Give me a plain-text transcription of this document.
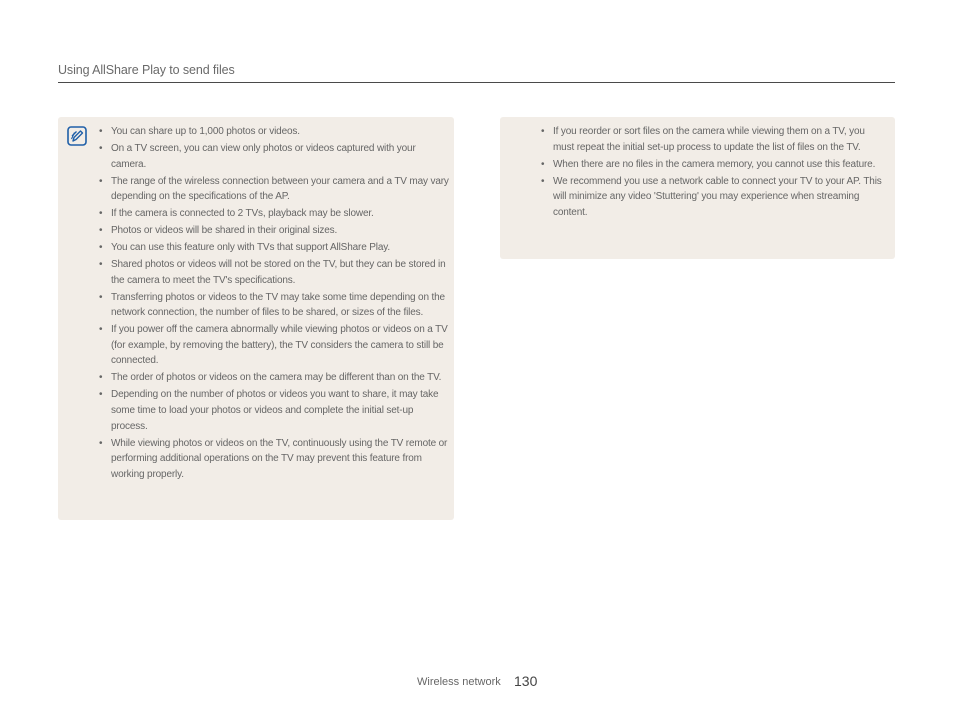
Using AllShare Play to send files
• You can share up to 1,000 photos or videos.
• On a TV screen, you can view only photos or videos captured with your camera.
• The range of the wireless connection between your camera and a TV may vary depending on the specifications of the AP.
• If the camera is connected to 2 TVs, playback may be slower.
• Photos or videos will be shared in their original sizes.
• You can use this feature only with TVs that support AllShare Play.
• Shared photos or videos will not be stored on the TV, but they can be stored in the camera to meet the TV's specifications.
• Transferring photos or videos to the TV may take some time depending on the network connection, the number of files to be shared, or sizes of the files.
• If you power off the camera abnormally while viewing photos or videos on a TV (for example, by removing the battery), the TV considers the camera to still be connected.
• The order of photos or videos on the camera may be different than on the TV.
• Depending on the number of photos or videos you want to share, it may take some time to load your photos or videos and complete the initial set-up process.
• While viewing photos or videos on the TV, continuously using the TV remote or performing additional operations on the TV may prevent this feature from working properly.
• If you reorder or sort files on the camera while viewing them on a TV, you must repeat the initial set-up process to update the list of files on the TV.
• When there are no files in the camera memory, you cannot use this feature.
• We recommend you use a network cable to connect your TV to your AP. This will minimize any video 'Stuttering' you may experience when streaming content.
Wireless network 130
